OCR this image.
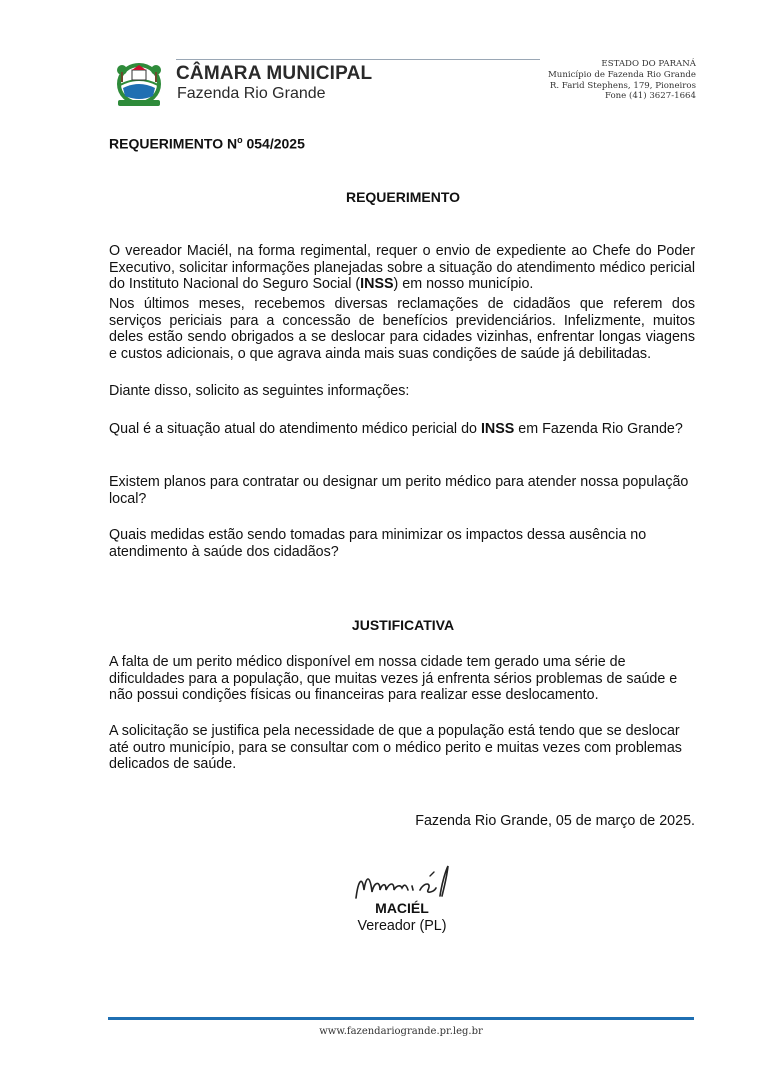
CÂMARA MUNICIPAL
Fazenda Rio Grande
ESTADO DO PARANÁ
Município de Fazenda Rio Grande
R. Farid Stephens, 179, Pioneiros
Fone (41) 3627-1664
REQUERIMENTO $N^o$ 054/2025
REQUERIMENTO

O vereador Maciél, na forma regimental, requer o envio de expediente ao Chefe do Poder Executivo, solicitar informações planejadas sobre a situação do atendimento médico pericial do Instituto Nacional do Seguro Social (INSS) em nosso município.

Nos últimos meses, recebemos diversas reclamações de cidadãos que referem dos serviços periciais para a concessão de benefícios previdenciários. Infelizmente, muitos deles estão sendo obrigados a se deslocar para cidades vizinhas, enfrentar longas viagens e custos adicionais, o que agrava ainda mais suas condições de saúde já debilitadas.

Diante disso, solicito as seguintes informações:

Qual é a situação atual do atendimento médico pericial do INSS em Fazenda Rio Grande?

Existem planos para contratar ou designar um perito médico para atender nossa população local?

Quais medidas estão sendo tomadas para minimizar os impactos dessa ausência no atendimento à saúde dos cidadãos?

JUSTIFICATIVA

A falta de um perito médico disponível em nossa cidade tem gerado uma série de dificuldades para a população, que muitas vezes já enfrenta sérios problemas de saúde e não possui condições físicas ou financeiras para realizar esse deslocamento.

A solicitação se justifica pela necessidade de que a população está tendo que se deslocar até outro município, para se consultar com o médico perito e muitas vezes com problemas delicados de saúde.

Fazenda Rio Grande, 05 de março de 2025.
MACIÉL
Vereador (PL)
www.fazendariogrande.pr.leg.br
